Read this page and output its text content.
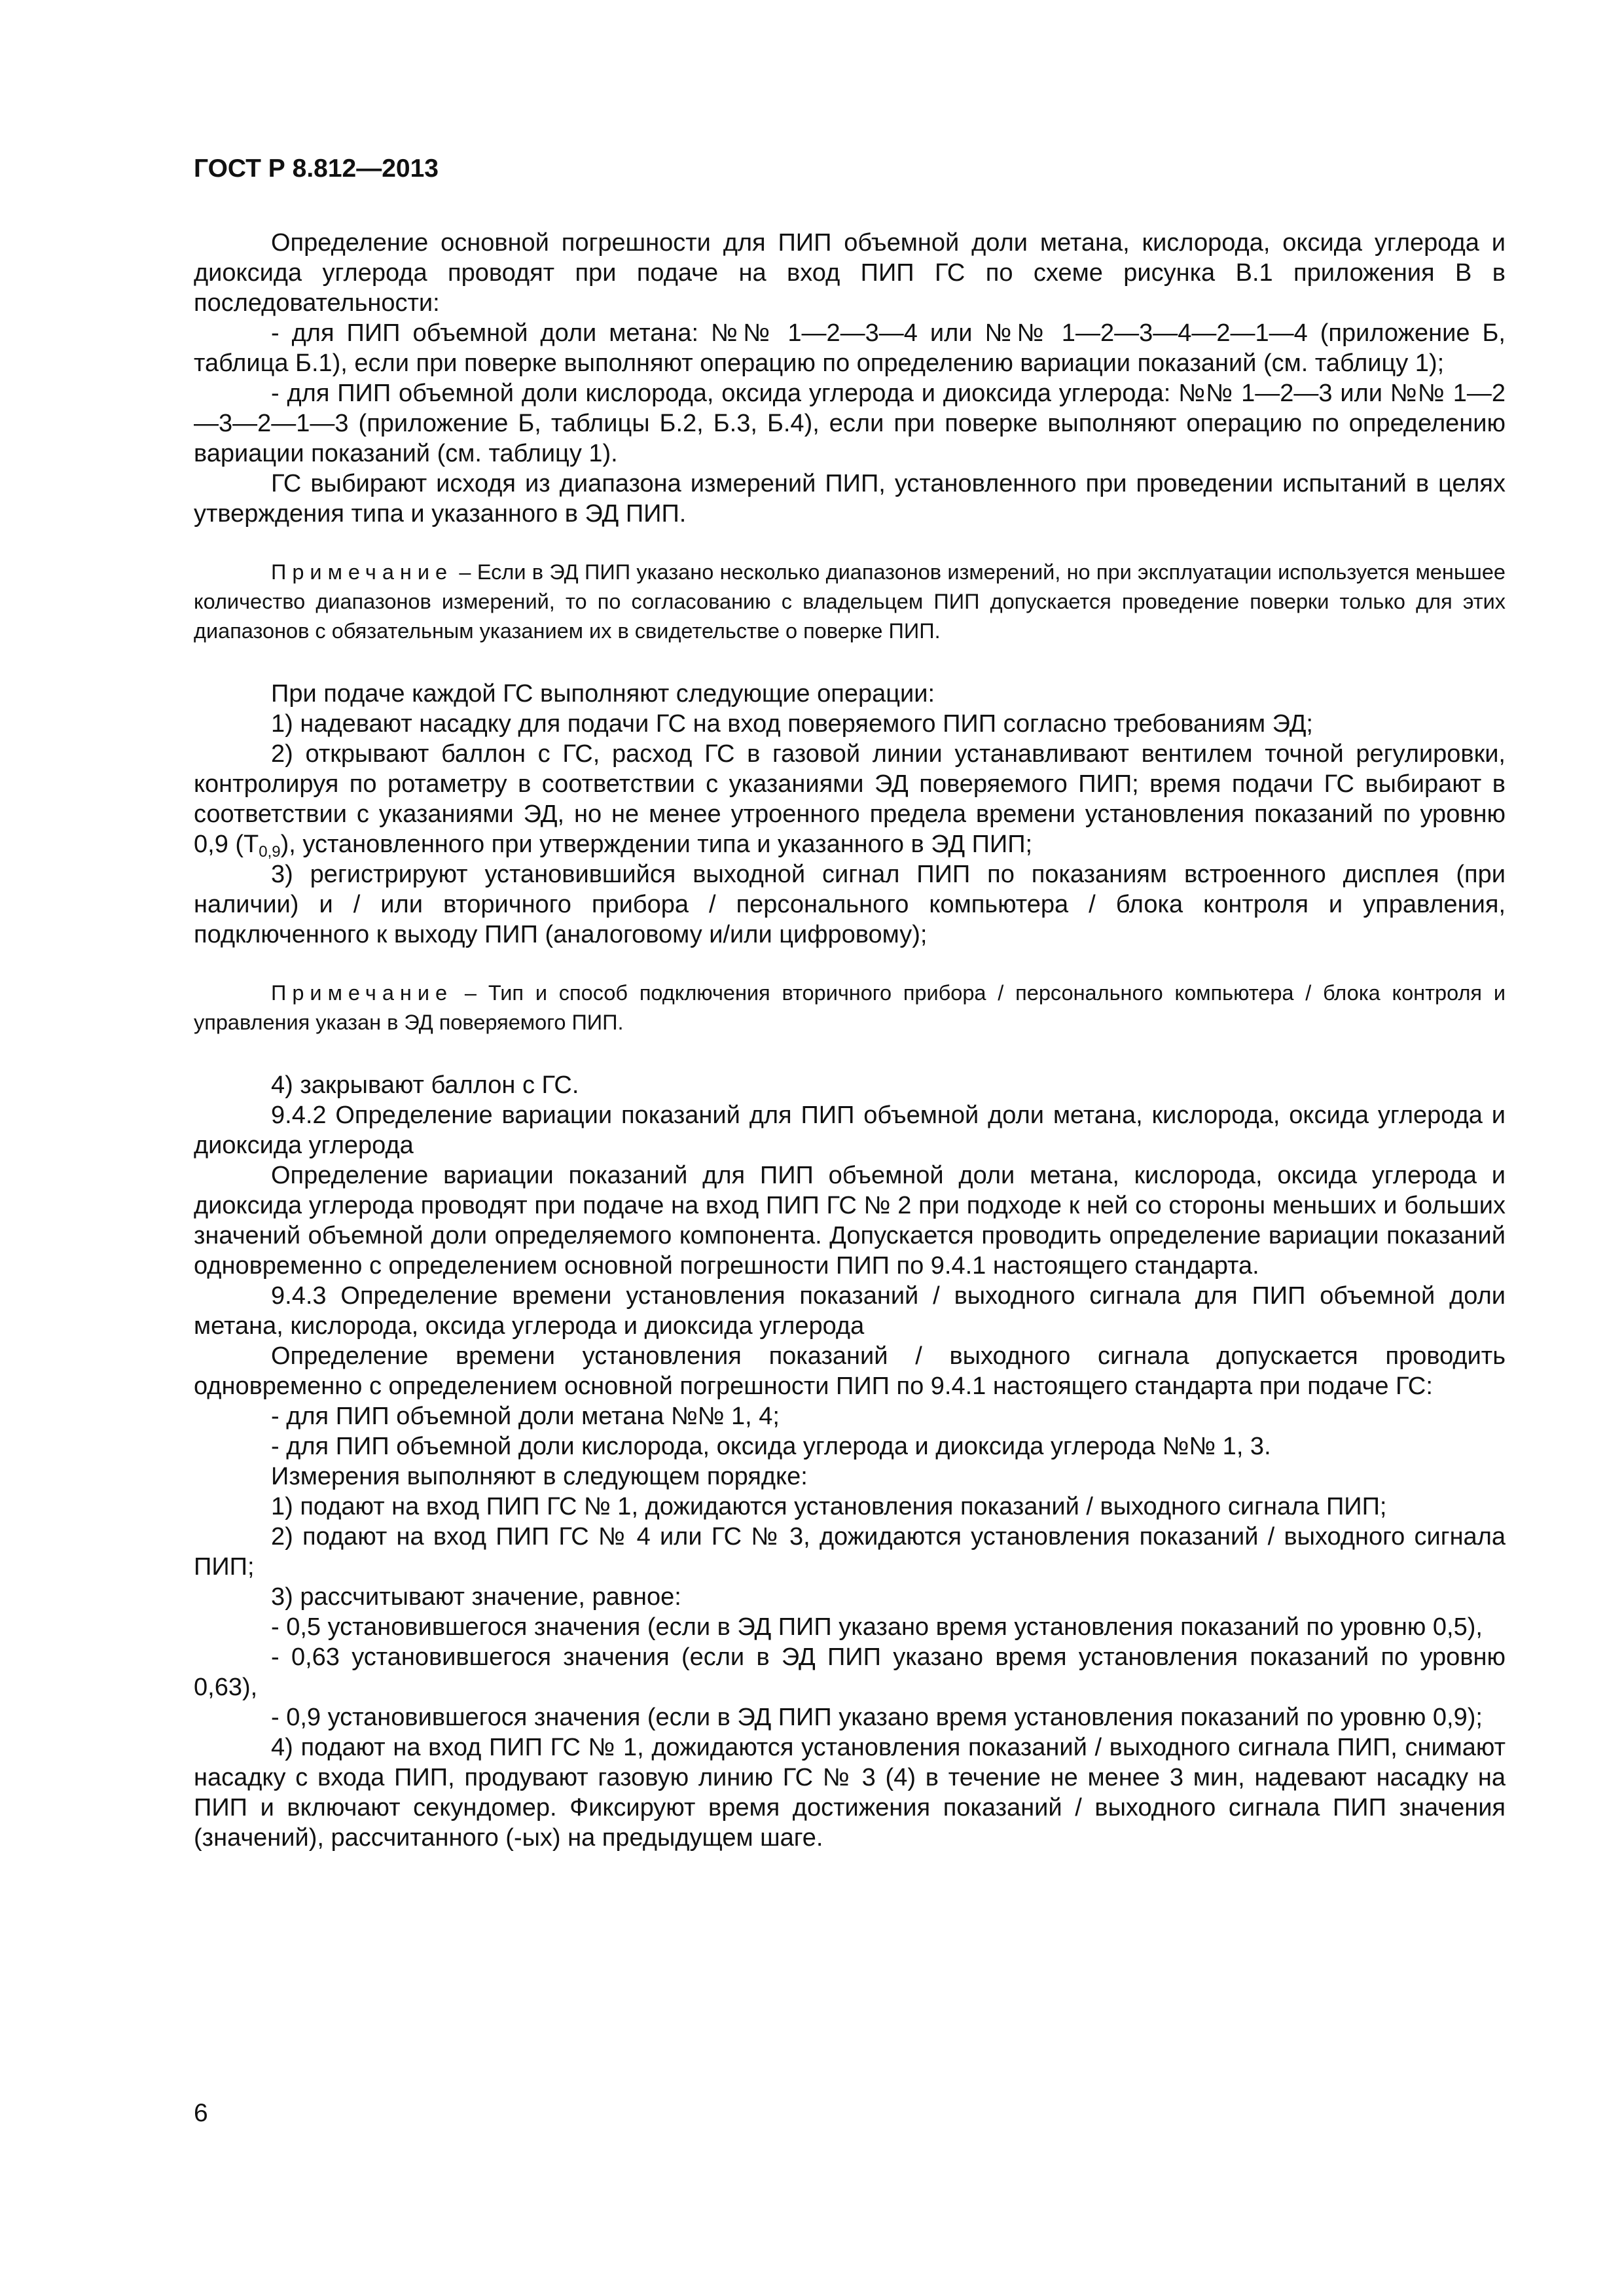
ГОСТ Р 8.812—2013

Определение основной погрешности для ПИП объемной доли метана, кислорода, оксида углерода и диоксида углерода проводят при подаче на вход ПИП ГС по схеме рисунка В.1 приложения В в последовательности:

- для ПИП объемной доли метана: №№ 1—2—3—4 или №№ 1—2—3—4—2—1—4 (приложение Б, таблица Б.1), если при поверке выполняют операцию по определению вариации показаний (см. таблицу 1);

- для ПИП объемной доли кислорода, оксида углерода и диоксида углерода: №№ 1—2—3 или №№ 1—2—3—2—1—3 (приложение Б, таблицы Б.2, Б.3, Б.4), если при поверке выполняют операцию по определению вариации показаний (см. таблицу 1).

ГС выбирают исходя из диапазона измерений ПИП, установленного при проведении испытаний в целях утверждения типа и указанного в ЭД ПИП.

Примечание – Если в ЭД ПИП указано несколько диапазонов измерений, но при эксплуатации используется меньшее количество диапазонов измерений, то по согласованию с владельцем ПИП допускается проведение поверки только для этих диапазонов с обязательным указанием их в свидетельстве о поверке ПИП.

При подаче каждой ГС выполняют следующие операции:

1) надевают насадку для подачи ГС на вход поверяемого ПИП согласно требованиям ЭД;

2) открывают баллон с ГС, расход ГС в газовой линии устанавливают вентилем точной регулировки, контролируя по ротаметру в соответствии с указаниями ЭД поверяемого ПИП; время подачи ГС выбирают в соответствии с указаниями ЭД, но не менее утроенного предела времени установления показаний по уровню 0,9 $(Т_{0,9})$, установленного при утверждении типа и указанного в ЭД ПИП;

3) регистрируют установившийся выходной сигнал ПИП по показаниям встроенного дисплея (при наличии) и / или вторичного прибора / персонального компьютера / блока контроля и управления, подключенного к выходу ПИП (аналоговому и/или цифровому);

Примечание – Тип и способ подключения вторичного прибора / персонального компьютера / блока контроля и управления указан в ЭД поверяемого ПИП.

4) закрывают баллон с ГС.

9.4.2 Определение вариации показаний для ПИП объемной доли метана, кислорода, оксида углерода и диоксида углерода

Определение вариации показаний для ПИП объемной доли метана, кислорода, оксида углерода и диоксида углерода проводят при подаче на вход ПИП ГС № 2 при подходе к ней со стороны меньших и больших значений объемной доли определяемого компонента. Допускается проводить определение вариации показаний одновременно с определением основной погрешности ПИП по 9.4.1 настоящего стандарта.

9.4.3 Определение времени установления показаний / выходного сигнала для ПИП объемной доли метана, кислорода, оксида углерода и диоксида углерода

Определение времени установления показаний / выходного сигнала допускается проводить одновременно с определением основной погрешности ПИП по 9.4.1 настоящего стандарта при подаче ГС:

- для ПИП объемной доли метана №№ 1, 4;

- для ПИП объемной доли кислорода, оксида углерода и диоксида углерода №№ 1, 3.

Измерения выполняют в следующем порядке:

1) подают на вход ПИП ГС № 1, дожидаются установления показаний / выходного сигнала ПИП;

2) подают на вход ПИП ГС № 4 или ГС № 3, дожидаются установления показаний / выходного сигнала ПИП;

3) рассчитывают значение, равное:

- 0,5 установившегося значения (если в ЭД ПИП указано время установления показаний по уровню 0,5),

- 0,63 установившегося значения (если в ЭД ПИП указано время установления показаний по уровню 0,63),

- 0,9 установившегося значения (если в ЭД ПИП указано время установления показаний по уровню 0,9);

4) подают на вход ПИП ГС № 1, дожидаются установления показаний / выходного сигнала ПИП, снимают насадку с входа ПИП, продувают газовую линию ГС № 3 (4) в течение не менее 3 мин, надевают насадку на ПИП и включают секундомер. Фиксируют время достижения показаний / выходного сигнала ПИП значения (значений), рассчитанного (-ых) на предыдущем шаге.

6
